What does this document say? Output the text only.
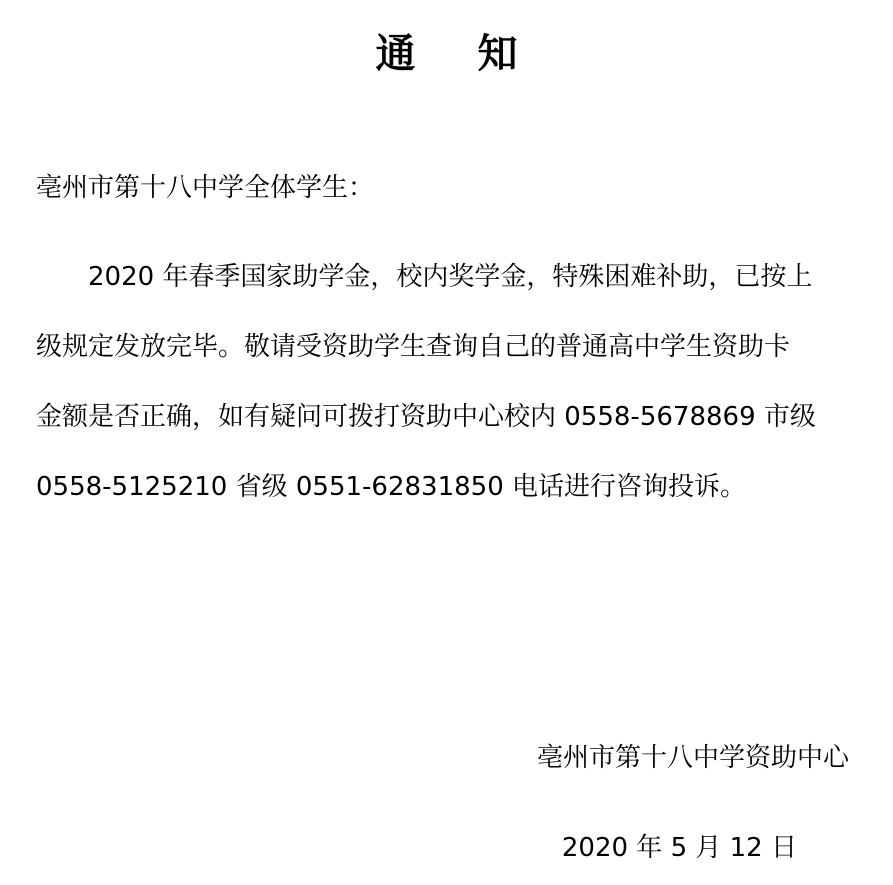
通 知
亳州市第十八中学全体学生：
2020 年春季国家助学金，校内奖学金，特殊困难补助，已按上
级规定发放完毕。敬请受资助学生查询自己的普通高中学生资助卡
金额是否正确，如有疑问可拨打资助中心校内 0558-5678869 市级
0558-5125210 省级 0551-62831850 电话进行咨询投诉。
亳州市第十八中学资助中心
2020 年 5 月 12 日
